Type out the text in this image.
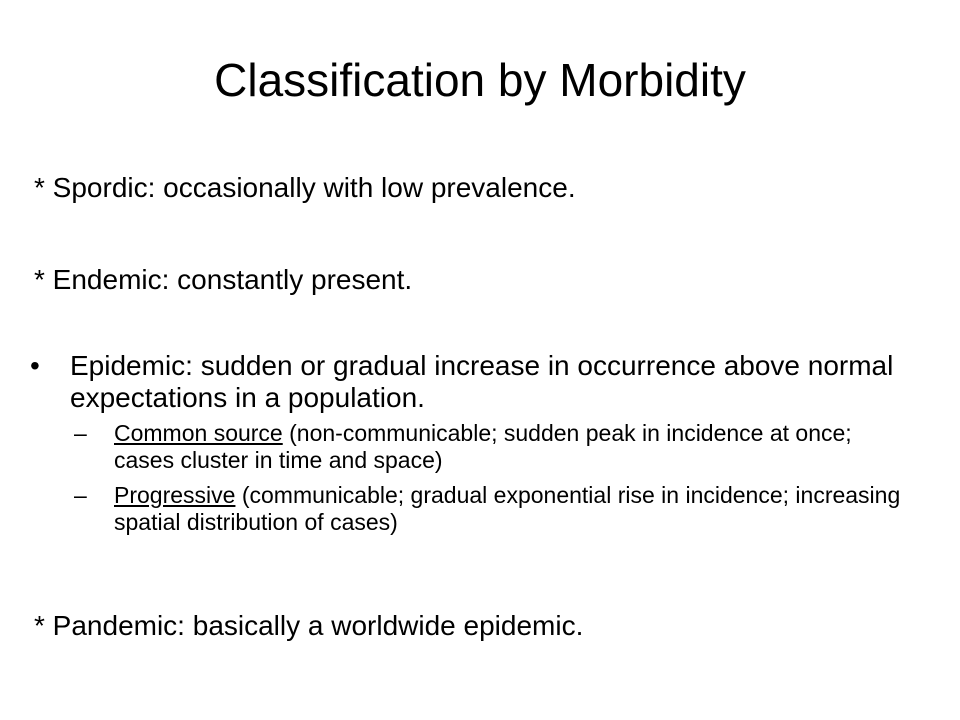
Classification by Morbidity

* Spordic: occasionally with low prevalence.

* Endemic: constantly present.

•	Epidemic: sudden or gradual increase in occurrence above normal expectations in a population.
–	Common source (non-communicable; sudden peak in incidence at once; cases cluster in time and space)
–	Progressive (communicable; gradual exponential rise in incidence; increasing spatial distribution of cases)

* Pandemic: basically a worldwide epidemic.
